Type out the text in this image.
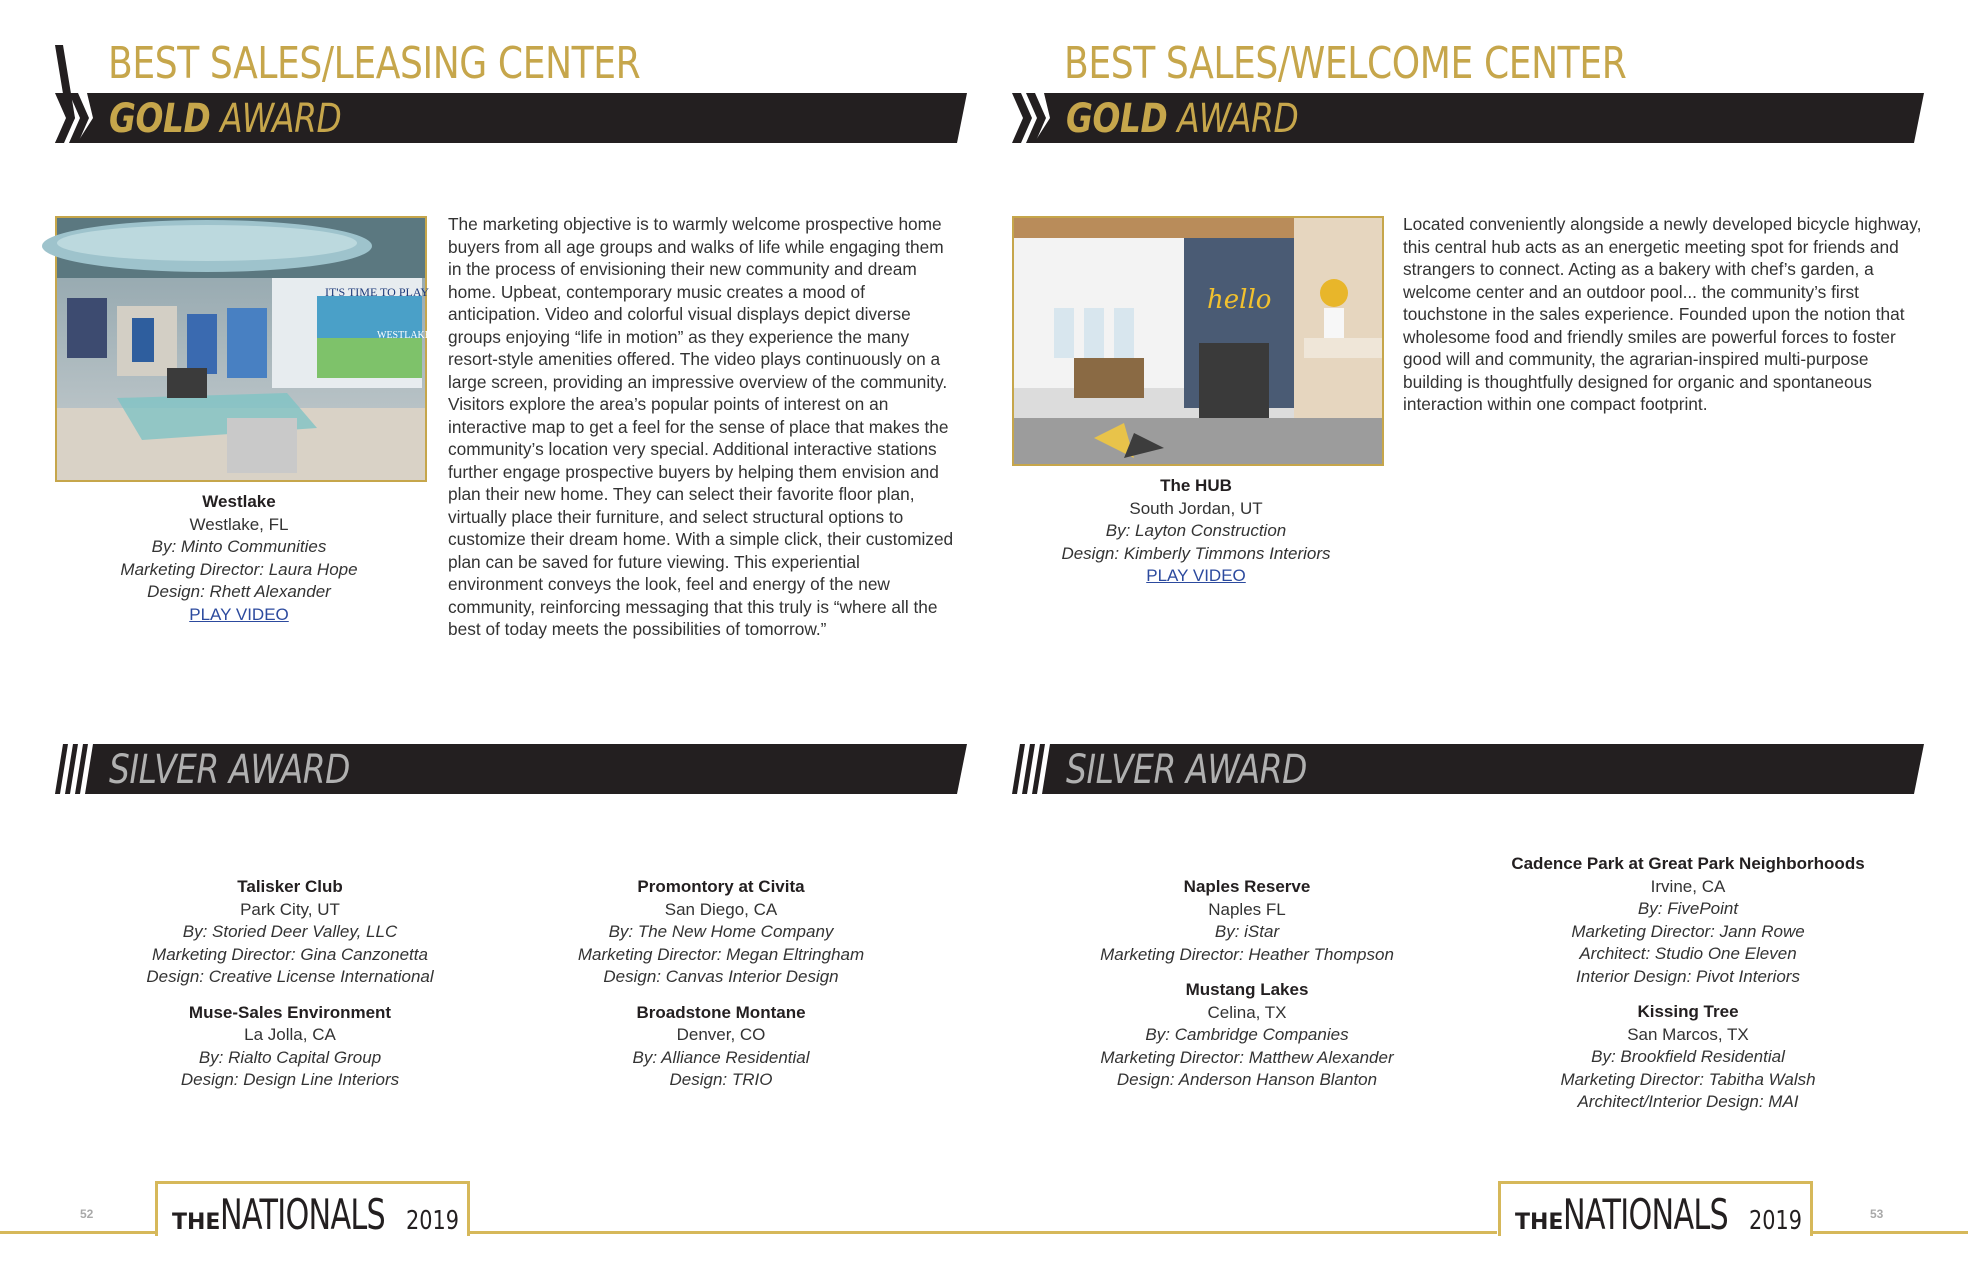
BEST SALES/LEASING CENTER
GOLD AWARD
IT'S TIME TO PLAY
WESTLAKE
Westlake
Westlake, FL
By: Minto Communities
Marketing Director: Laura Hope
Design: Rhett Alexander
PLAY VIDEO
The marketing objective is to warmly welcome prospective home buyers from all age groups and walks of life while engaging them in the process of envisioning their new community and dream home. Upbeat, contemporary music creates a mood of anticipation. Video and colorful visual displays depict diverse groups enjoying “life in motion” as they experience the many resort-style amenities offered. The video plays continuously on a large screen, providing an impressive overview of the community. Visitors explore the area’s popular points of interest on an interactive map to get a feel for the sense of place that makes the community’s location very special. Additional interactive stations further engage prospective buyers by helping them envision and plan their new home. They can select their favorite floor plan, virtually place their furniture, and select structural options to customize their dream home. With a simple click, their customized plan can be saved for future viewing. This experiential environment conveys the look, feel and energy of the new community, reinforcing messaging that this truly is “where all the best of today meets the possibilities of tomorrow.”
SILVER AWARD
Talisker Club
Park City, UT
By: Storied Deer Valley, LLC
Marketing Director: Gina Canzonetta
Design: Creative License International
Muse-Sales Environment
La Jolla, CA
By: Rialto Capital Group
Design: Design Line Interiors
Promontory at Civita
San Diego, CA
By: The New Home Company
Marketing Director: Megan Eltringham
Design: Canvas Interior Design
Broadstone Montane
Denver, CO
By: Alliance Residential
Design: TRIO
52
BEST SALES/WELCOME CENTER
GOLD AWARD
hello
The HUB
South Jordan, UT
By: Layton Construction
Design: Kimberly Timmons Interiors
PLAY VIDEO
Located conveniently alongside a newly developed bicycle highway, this central hub acts as an energetic meeting spot for friends and strangers to connect. Acting as a bakery with chef’s garden, a welcome center and an outdoor pool... the community’s first touchstone in the sales experience. Founded upon the notion that wholesome food and friendly smiles are powerful forces to foster good will and community, the agrarian-inspired multi-purpose building is thoughtfully designed for organic and spontaneous interaction within one compact footprint.
SILVER AWARD
Naples Reserve
Naples FL
By: iStar
Marketing Director: Heather Thompson
Mustang Lakes
Celina, TX
By: Cambridge Companies
Marketing Director: Matthew Alexander
Design: Anderson Hanson Blanton
Cadence Park at Great Park Neighborhoods
Irvine, CA
By: FivePoint
Marketing Director: Jann Rowe
Architect: Studio One Eleven
Interior Design: Pivot Interiors
Kissing Tree
San Marcos, TX
By: Brookfield Residential
Marketing Director: Tabitha Walsh
Architect/Interior Design: MAI
53
THENATIONALS 2019	THENATIONALS 2019
